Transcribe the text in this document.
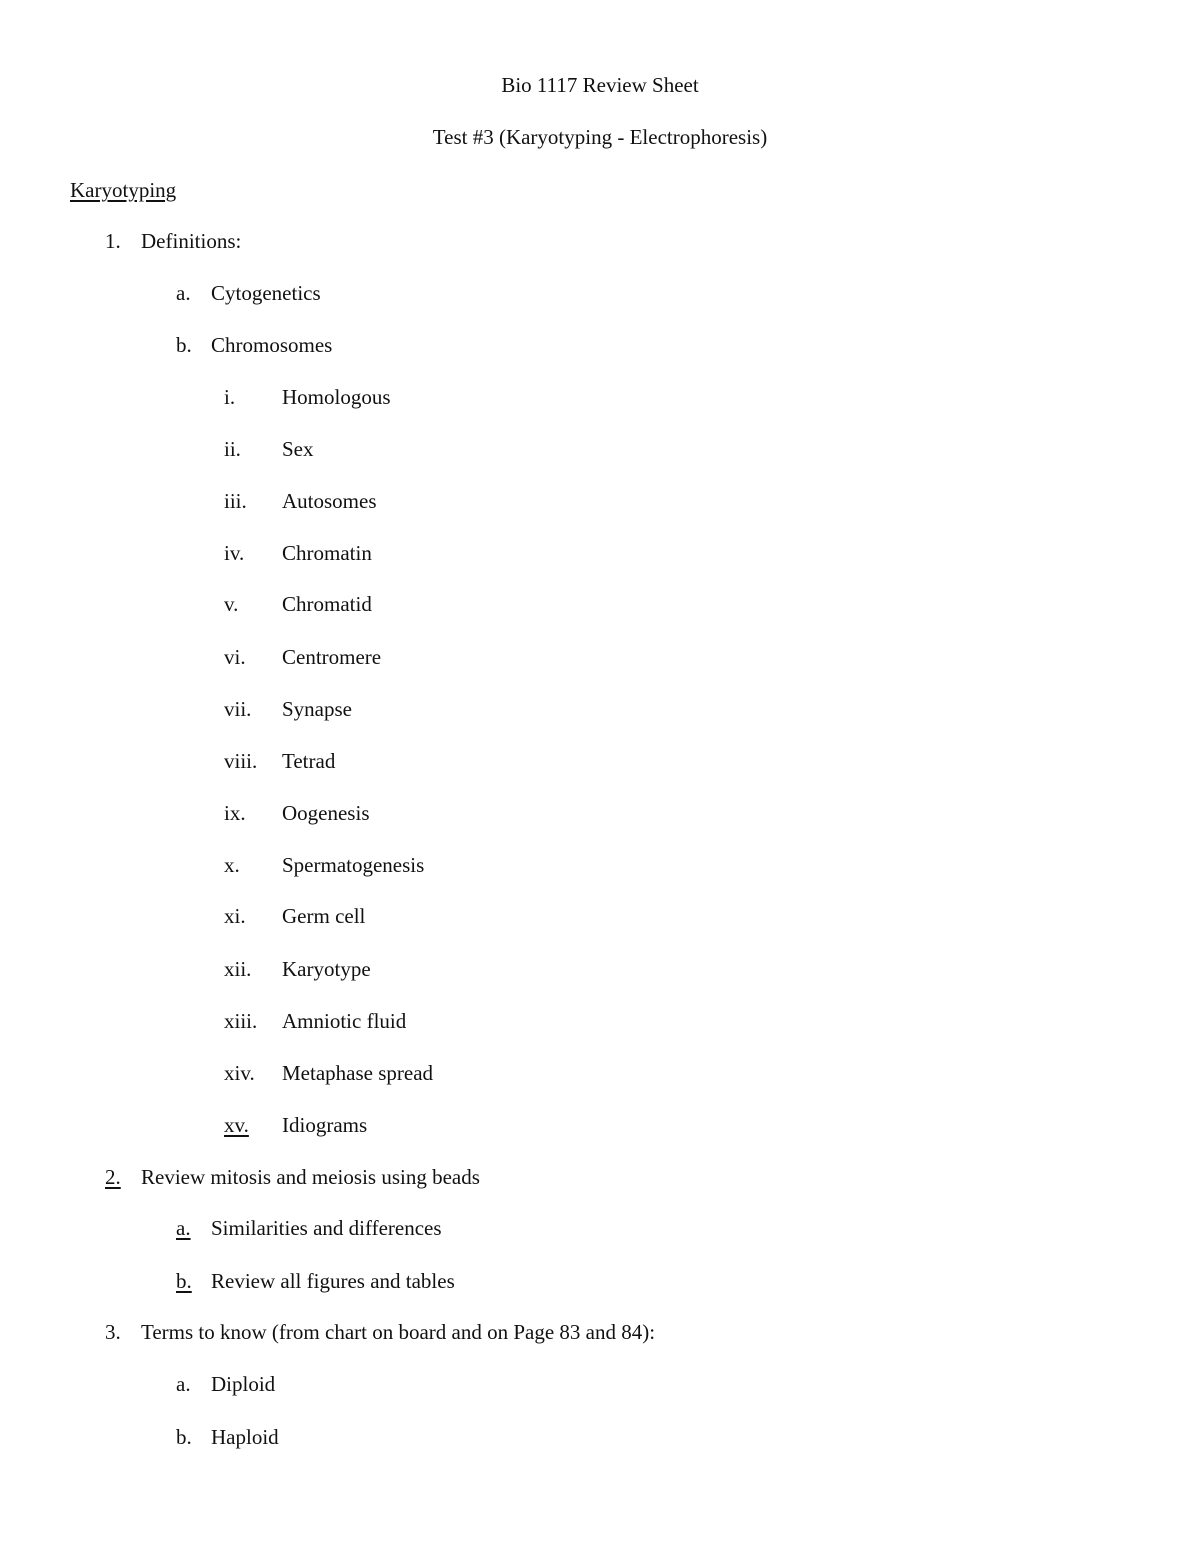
Bio 1117 Review Sheet
Test #3 (Karyotyping - Electrophoresis)
Karyotyping
1. Definitions:
a. Cytogenetics
b. Chromosomes
i. Homologous
ii. Sex
iii. Autosomes
iv. Chromatin
v. Chromatid
vi. Centromere
vii. Synapse
viii. Tetrad
ix. Oogenesis
x. Spermatogenesis
xi. Germ cell
xii. Karyotype
xiii. Amniotic fluid
xiv. Metaphase spread
xv. Idiograms
2. Review mitosis and meiosis using beads
a. Similarities and differences
b. Review all figures and tables
3. Terms to know (from chart on board and on Page 83 and 84):
a. Diploid
b. Haploid
